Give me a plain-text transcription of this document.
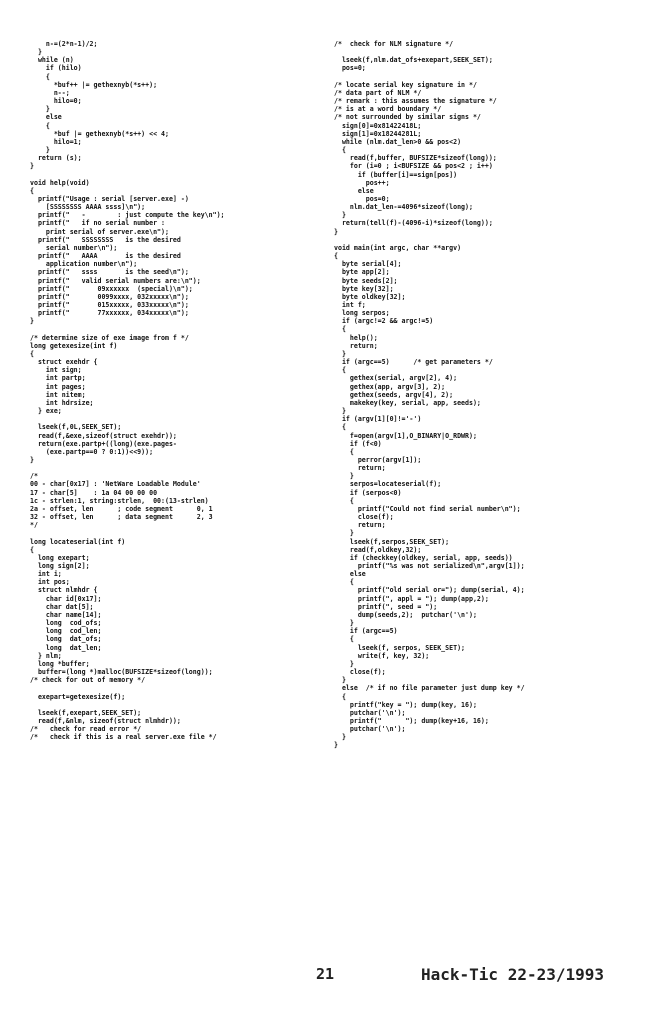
n-=(2*n-1)/2;
}
while (n)
if (hilo)
{
*buf++ |= gethexnyb(*s++);
n--;
hilo=0;
}
else
{
*buf |= gethexnyb(*s++) << 4;
hilo=1;
}
return (s);
}

void help(void)
{
printf("Usage : serial [server.exe] -)
[SSSSSSSS AAAA ssss]\n");
printf("   -        : just compute the key\n");
printf("   if no serial number :
print serial of server.exe\n");
printf("   SSSSSSSS   is the desired
serial number\n");
printf("   AAAA       is the desired
application number\n");
printf("   ssss       is the seed\n");
printf("   valid serial numbers are:\n");
printf("       09xxxxxx  (special)\n");
printf("       0099xxxx, 032xxxxx\n");
printf("       015xxxxx, 033xxxxx\n");
printf("       77xxxxxx, 034xxxxx\n");
}

/* determine size of exe image from f */
long getexesize(int f)
{
struct exehdr {
int sign;
int partp;
int pages;
int nitem;
int hdrsize;
} exe;

lseek(f,0L,SEEK_SET);
read(f,&exe,sizeof(struct exehdr));
return(exe.partp+((long)(exe.pages-
(exe.partp==0 ? 0:1))<<9));
}

/*
00 - char[0x17] : 'NetWare Loadable Module'
17 - char[5]    : 1a 04 00 00 00
1c - strlen:1, string:strlen,  00:(13-strlen)
2a - offset, len      ; code segment      0, 1
32 - offset, len      ; data segment      2, 3
*/

long locateserial(int f)
{
long exepart;
long sign[2];
int i;
int pos;
struct nlmhdr {
char id[0x17];
char dat[5];
char name[14];
long  cod_ofs;
long  cod_len;
long  dat_ofs;
long  dat_len;
} nlm;
long *buffer;
buffer=(long *)malloc(BUFSIZE*sizeof(long));
/* check for out of memory */

exepart=getexesize(f);

lseek(f,exepart,SEEK_SET);
read(f,&nlm, sizeof(struct nlmhdr));
/*   check for read error */
/*   check if this is a real server.exe file */
/*  check for NLM signature */

lseek(f,nlm.dat_ofs+exepart,SEEK_SET);
pos=0;

/* locate serial key signature in */
/* data part of NLM */
/* remark : this assumes the signature */
/* is at a word boundary */
/* not surrounded by similar signs */
sign[0]=0x81422418L;
sign[1]=0x18244281L;
while (nlm.dat_len>0 && pos<2)
{
read(f,buffer, BUFSIZE*sizeof(long));
for (i=0 ; i<BUFSIZE && pos<2 ; i++)
if (buffer[i]==sign[pos])
pos++;
else
pos=0;
nlm.dat_len-=4096*sizeof(long);
}
return(tell(f)-(4096-i)*sizeof(long));
}

void main(int argc, char **argv)
{
byte serial[4];
byte app[2];
byte seeds[2];
byte key[32];
byte oldkey[32];
int f;
long serpos;
if (argc!=2 && argc!=5)
{
help();
return;
}
if (argc==5)      /* get parameters */
{
gethex(serial, argv[2], 4);
gethex(app, argv[3], 2);
gethex(seeds, argv[4], 2);
makekey(key, serial, app, seeds);
}
if (argv[1][0]!='-')
{
f=open(argv[1],O_BINARY|O_RDWR);
if (f<0)
{
perror(argv[1]);
return;
}
serpos=locateserial(f);
if (serpos<0)
{
printf("Could not find serial number\n");
close(f);
return;
}
lseek(f,serpos,SEEK_SET);
read(f,oldkey,32);
if (checkkey(oldkey, serial, app, seeds))
printf("%s was not serialized\n",argv[1]);
else
{
printf("old serial or="); dump(serial, 4);
printf(", appl = "); dump(app,2);
printf(", seed = ");
dump(seeds,2);  putchar('\n');
}
if (argc==5)
{
lseek(f, serpos, SEEK_SET);
write(f, key, 32);
}
close(f);
}
else  /* if no file parameter just dump key */
{
printf("key = "); dump(key, 16);
putchar('\n');
printf("      "); dump(key+16, 16);
putchar('\n');
}
}
21	Hack-Tic 22-23/1993
